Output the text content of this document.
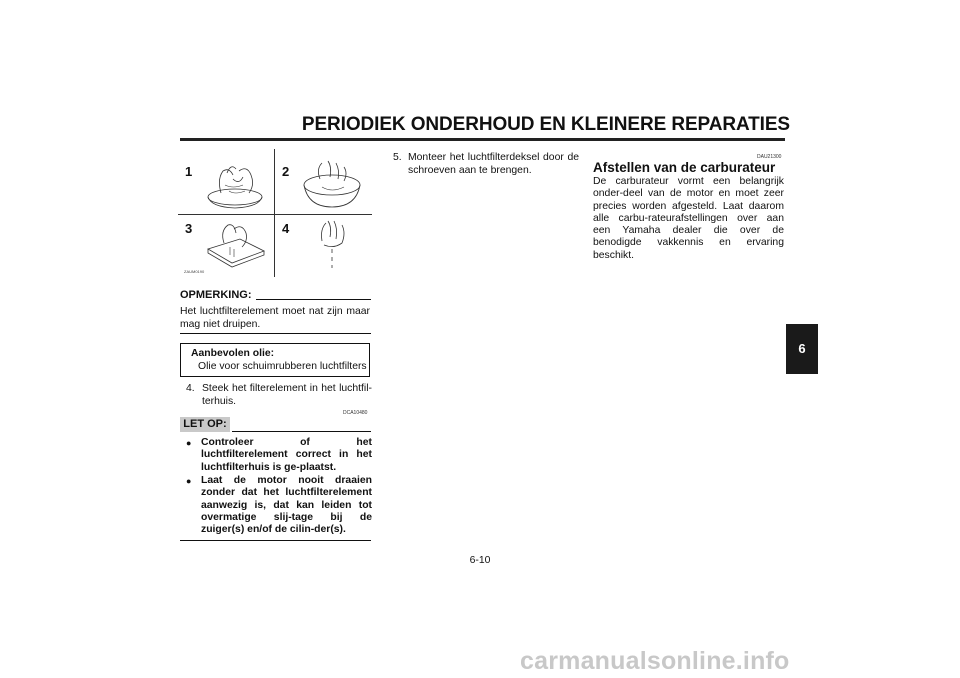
PERIODIEK ONDERHOUD EN KLEINERE REPARATIES
1	2
3	4
ZAUM0190
OPMERKING:
Het luchtfilterelement moet nat zijn maar mag niet druipen.
Aanbevolen olie:
Olie voor schuimrubberen luchtfilters
4. Steek het filterelement in het luchtfil-terhuis.
DCA10480
LET OP:
● Controleer of het luchtfilterelement correct in het luchtfilterhuis is ge-plaatst.
● Laat de motor nooit draaien zonder dat het luchtfilterelement aanwezig is, dat kan leiden tot overmatige slij-tage bij de zuiger(s) en/of de cilin-der(s).
5. Monteer het luchtfilterdeksel door de schroeven aan te brengen.
DAU21300
Afstellen van de carburateur
De carburateur vormt een belangrijk onder-deel van de motor en moet zeer precies worden afgesteld. Laat daarom alle carbu-rateurafstellingen over aan een Yamaha dealer die over de benodigde vakkennis en ervaring beschikt.
6
6-10
carmanualsonline.info
